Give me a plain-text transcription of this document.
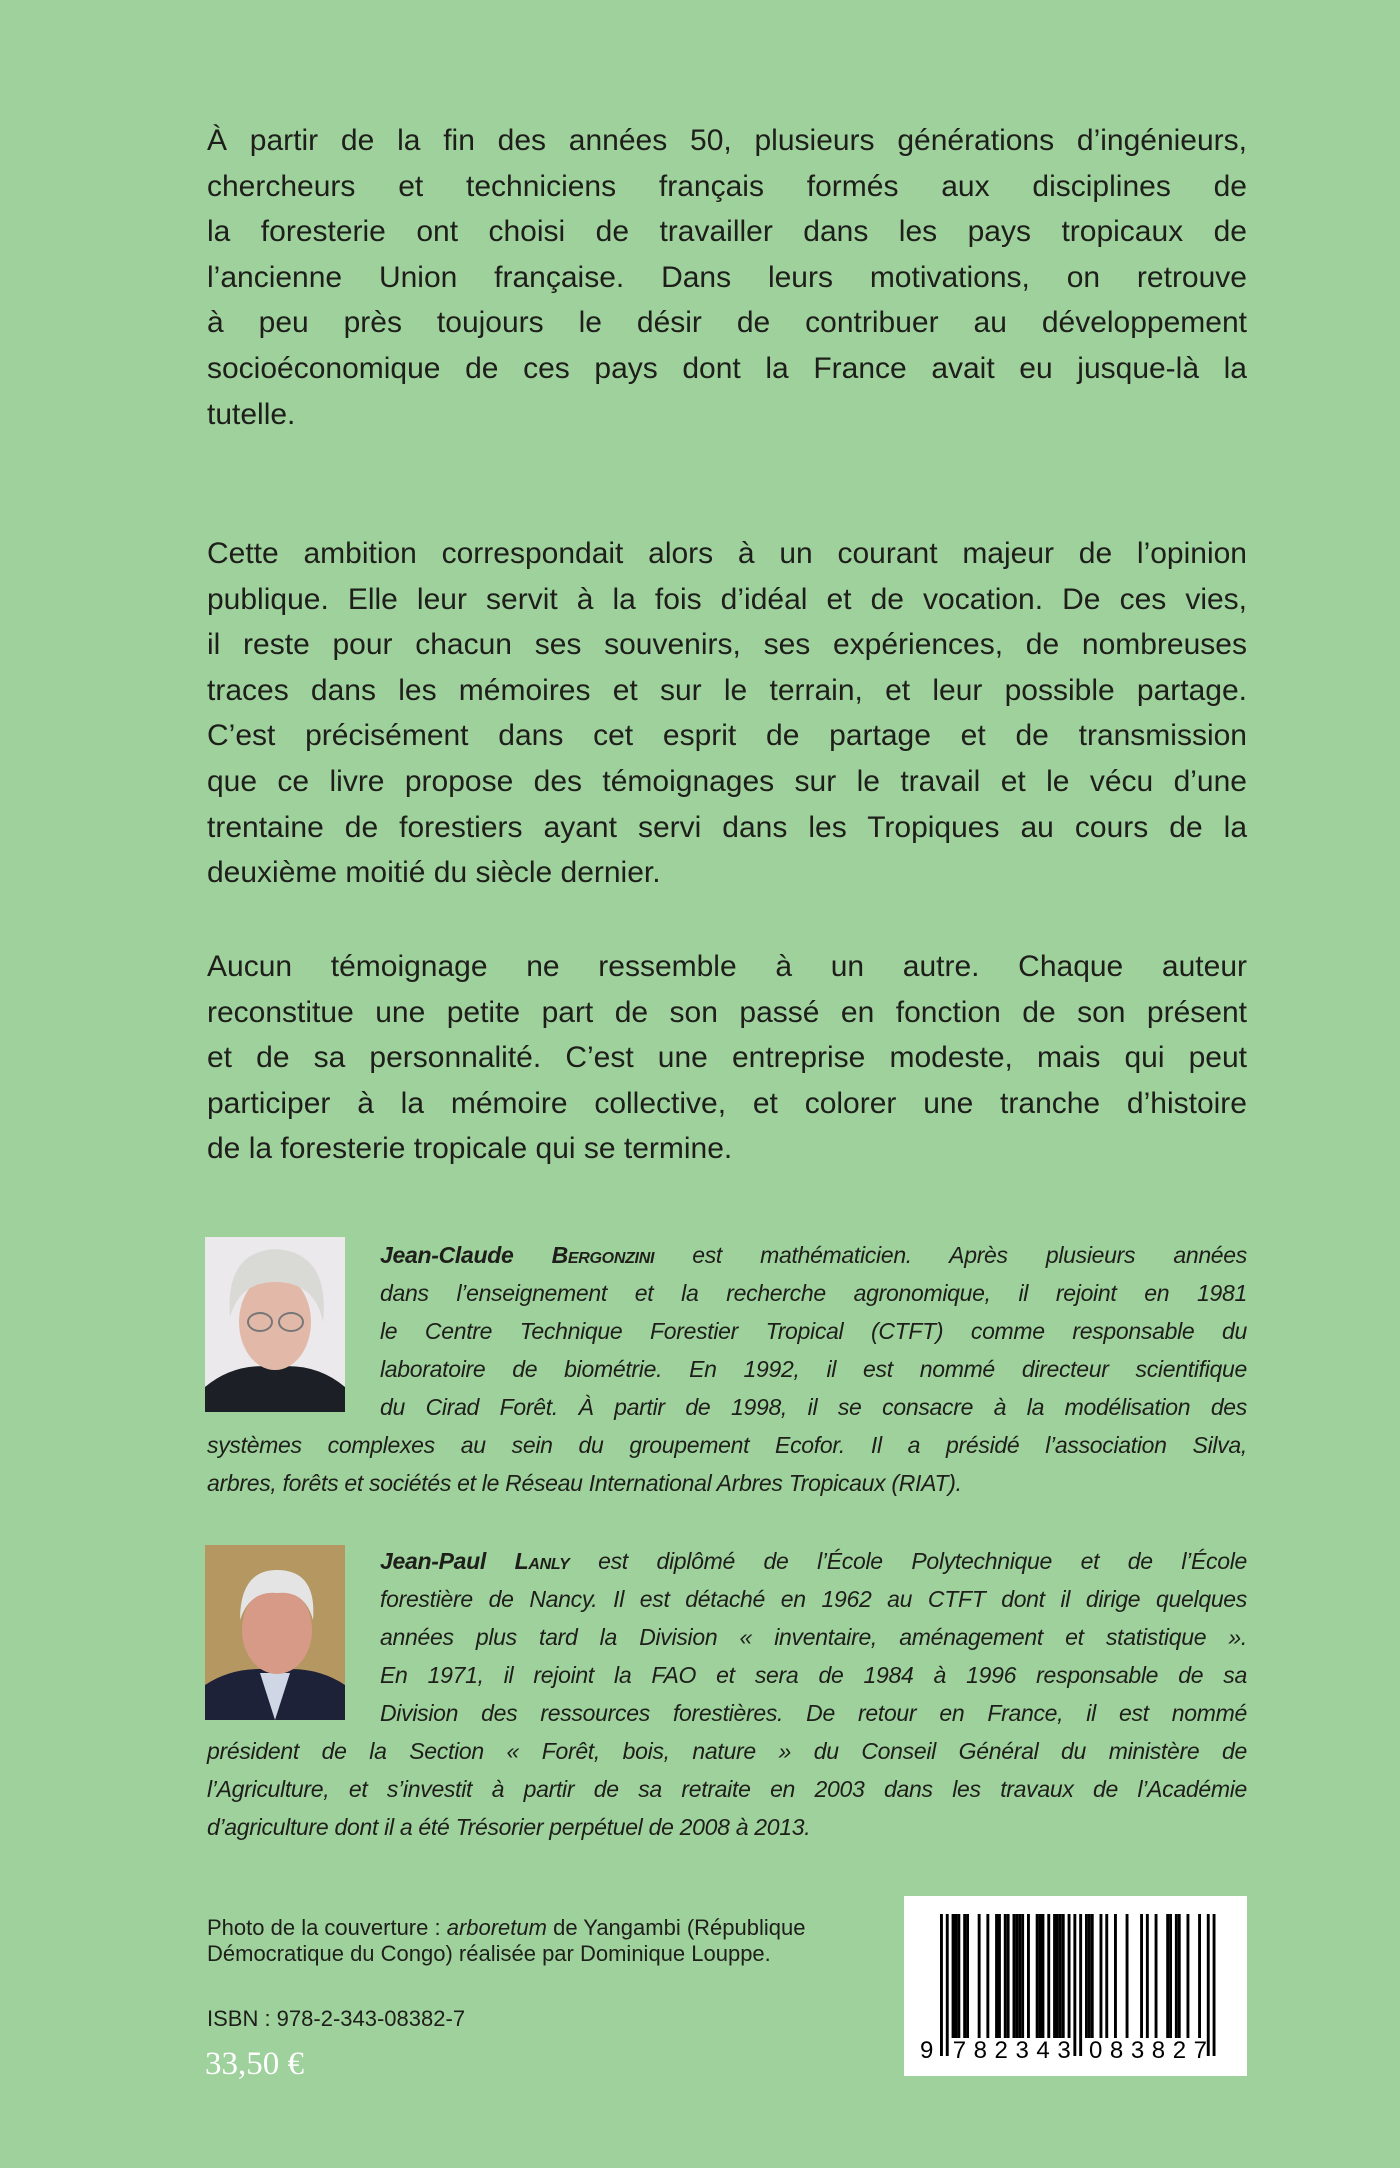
À partir de la fin des années 50, plusieurs générations d’ingénieurs,
chercheurs et techniciens français formés aux disciplines de
la foresterie ont choisi de travailler dans les pays tropicaux de
l’ancienne Union française. Dans leurs motivations, on retrouve
à peu près toujours le désir de contribuer au développement
socioéconomique de ces pays dont la France avait eu jusque-là la
tutelle.
Cette ambition correspondait alors à un courant majeur de l’opinion
publique. Elle leur servit à la fois d’idéal et de vocation. De ces vies,
il reste pour chacun ses souvenirs, ses expériences, de nombreuses
traces dans les mémoires et sur le terrain, et leur possible partage.
C’est précisément dans cet esprit de partage et de transmission
que ce livre propose des témoignages sur le travail et le vécu d’une
trentaine de forestiers ayant servi dans les Tropiques au cours de la
deuxième moitié du siècle dernier.
Aucun témoignage ne ressemble à un autre. Chaque auteur
reconstitue une petite part de son passé en fonction de son présent
et de sa personnalité. C’est une entreprise modeste, mais qui peut
participer à la mémoire collective, et colorer une tranche d’histoire
de la foresterie tropicale qui se termine.
Jean-Claude Bergonzini est mathématicien. Après plusieurs années
dans l’enseignement et la recherche agronomique, il rejoint en 1981
le Centre Technique Forestier Tropical (CTFT) comme responsable du
laboratoire de biométrie. En 1992, il est nommé directeur scientifique
du Cirad Forêt. À partir de 1998, il se consacre à la modélisation des
systèmes complexes au sein du groupement Ecofor. Il a présidé l’association Silva,
arbres, forêts et sociétés et le Réseau International Arbres Tropicaux (RIAT).
Jean-Paul Lanly est diplômé de l’École Polytechnique et de l’École
forestière de Nancy. Il est détaché en 1962 au CTFT dont il dirige quelques
années plus tard la Division « inventaire, aménagement et statistique ».
En 1971, il rejoint la FAO et sera de 1984 à 1996 responsable de sa
Division des ressources forestières. De retour en France, il est nommé
président de la Section « Forêt, bois, nature » du Conseil Général du ministère de
l’Agriculture, et s’investit à partir de sa retraite en 2003 dans les travaux de l’Académie
d’agriculture dont il a été Trésorier perpétuel de 2008 à 2013.
Photo de la couverture : arboretum de Yangambi (République
Démocratique du Congo) réalisée par Dominique Louppe.
ISBN : 978-2-343-08382-7
33,50 €	9 782343 083827
